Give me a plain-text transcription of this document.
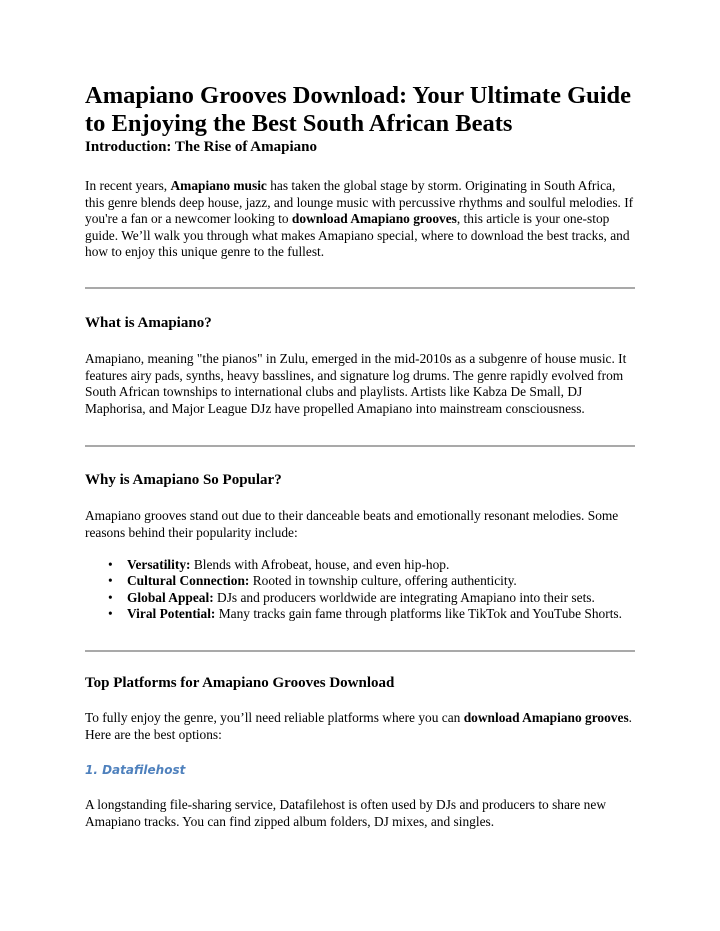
Amapiano Grooves Download: Your Ultimate Guide
to Enjoying the Best South African Beats
Introduction: The Rise of Amapiano

In recent years, Amapiano music has taken the global stage by storm. Originating in South Africa, this genre blends deep house, jazz, and lounge music with percussive rhythms and soulful melodies. If you're a fan or a newcomer looking to download Amapiano grooves, this article is your one-stop guide. We’ll walk you through what makes Amapiano special, where to download the best tracks, and how to enjoy this unique genre to the fullest.

What is Amapiano?

Amapiano, meaning "the pianos" in Zulu, emerged in the mid-2010s as a subgenre of house music. It features airy pads, synths, heavy basslines, and signature log drums. The genre rapidly evolved from South African townships to international clubs and playlists. Artists like Kabza De Small, DJ Maphorisa, and Major League DJz have propelled Amapiano into mainstream consciousness.

Why is Amapiano So Popular?

Amapiano grooves stand out due to their danceable beats and emotionally resonant melodies. Some reasons behind their popularity include:

• Versatility: Blends with Afrobeat, house, and even hip-hop.
• Cultural Connection: Rooted in township culture, offering authenticity.
• Global Appeal: DJs and producers worldwide are integrating Amapiano into their sets.
• Viral Potential: Many tracks gain fame through platforms like TikTok and YouTube Shorts.
Top Platforms for Amapiano Grooves Download

To fully enjoy the genre, you’ll need reliable platforms where you can download Amapiano grooves. Here are the best options:

1. Datafilehost

A longstanding file-sharing service, Datafilehost is often used by DJs and producers to share new Amapiano tracks. You can find zipped album folders, DJ mixes, and singles.
